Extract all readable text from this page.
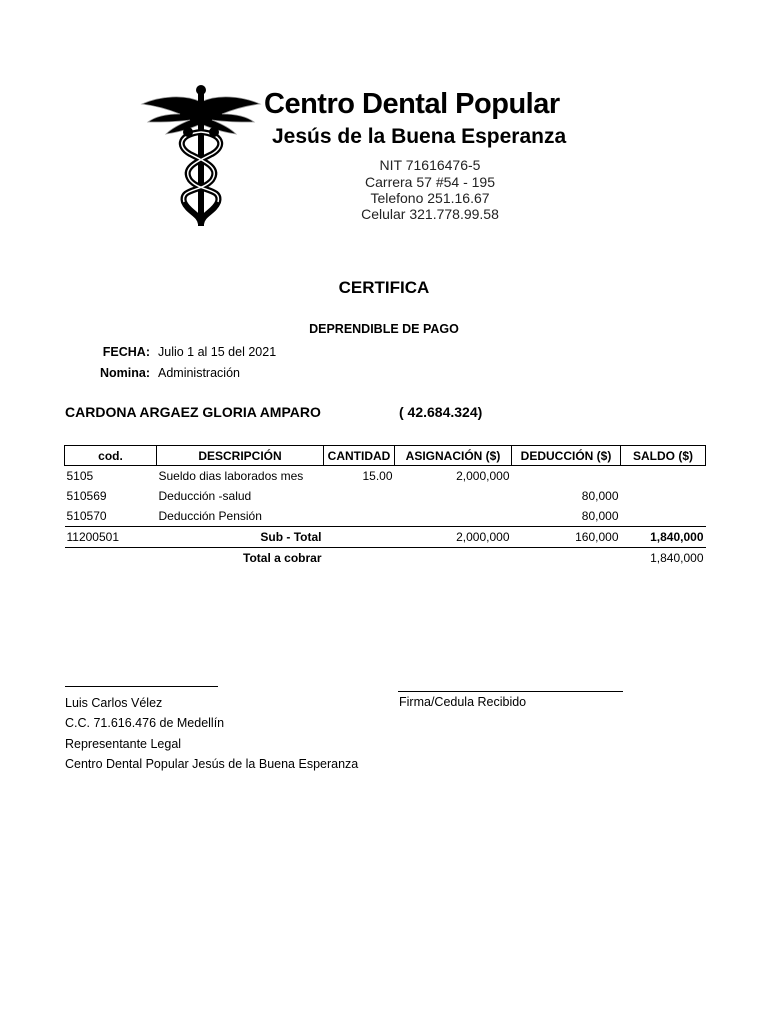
Centro Dental Popular
Jesús de la Buena Esperanza
NIT 71616476-5
Carrera 57 #54 - 195
Telefono 251.16.67
Celular 321.778.99.58
CERTIFICA
DEPRENDIBLE DE PAGO
FECHA: Julio 1 al 15 del 2021
Nomina: Administración
CARDONA ARGAEZ GLORIA AMPARO	( 42.684.324)
cod.	DESCRIPCIÓN	CANTIDAD	ASIGNACIÓN ($)	DEDUCCIÓN ($)	SALDO ($)
5105	Sueldo dias laborados mes	15.00	2,000,000		
510569	Deducción -salud			80,000	
510570	Deducción Pensión			80,000	
11200501	Sub - Total		2,000,000	160,000	1,840,000
	Total a cobrar				1,840,000
Luis Carlos Vélez
C.C. 71.616.476 de Medellín
Representante Legal
Centro Dental Popular Jesús de la Buena Esperanza
Firma/Cedula Recibido
